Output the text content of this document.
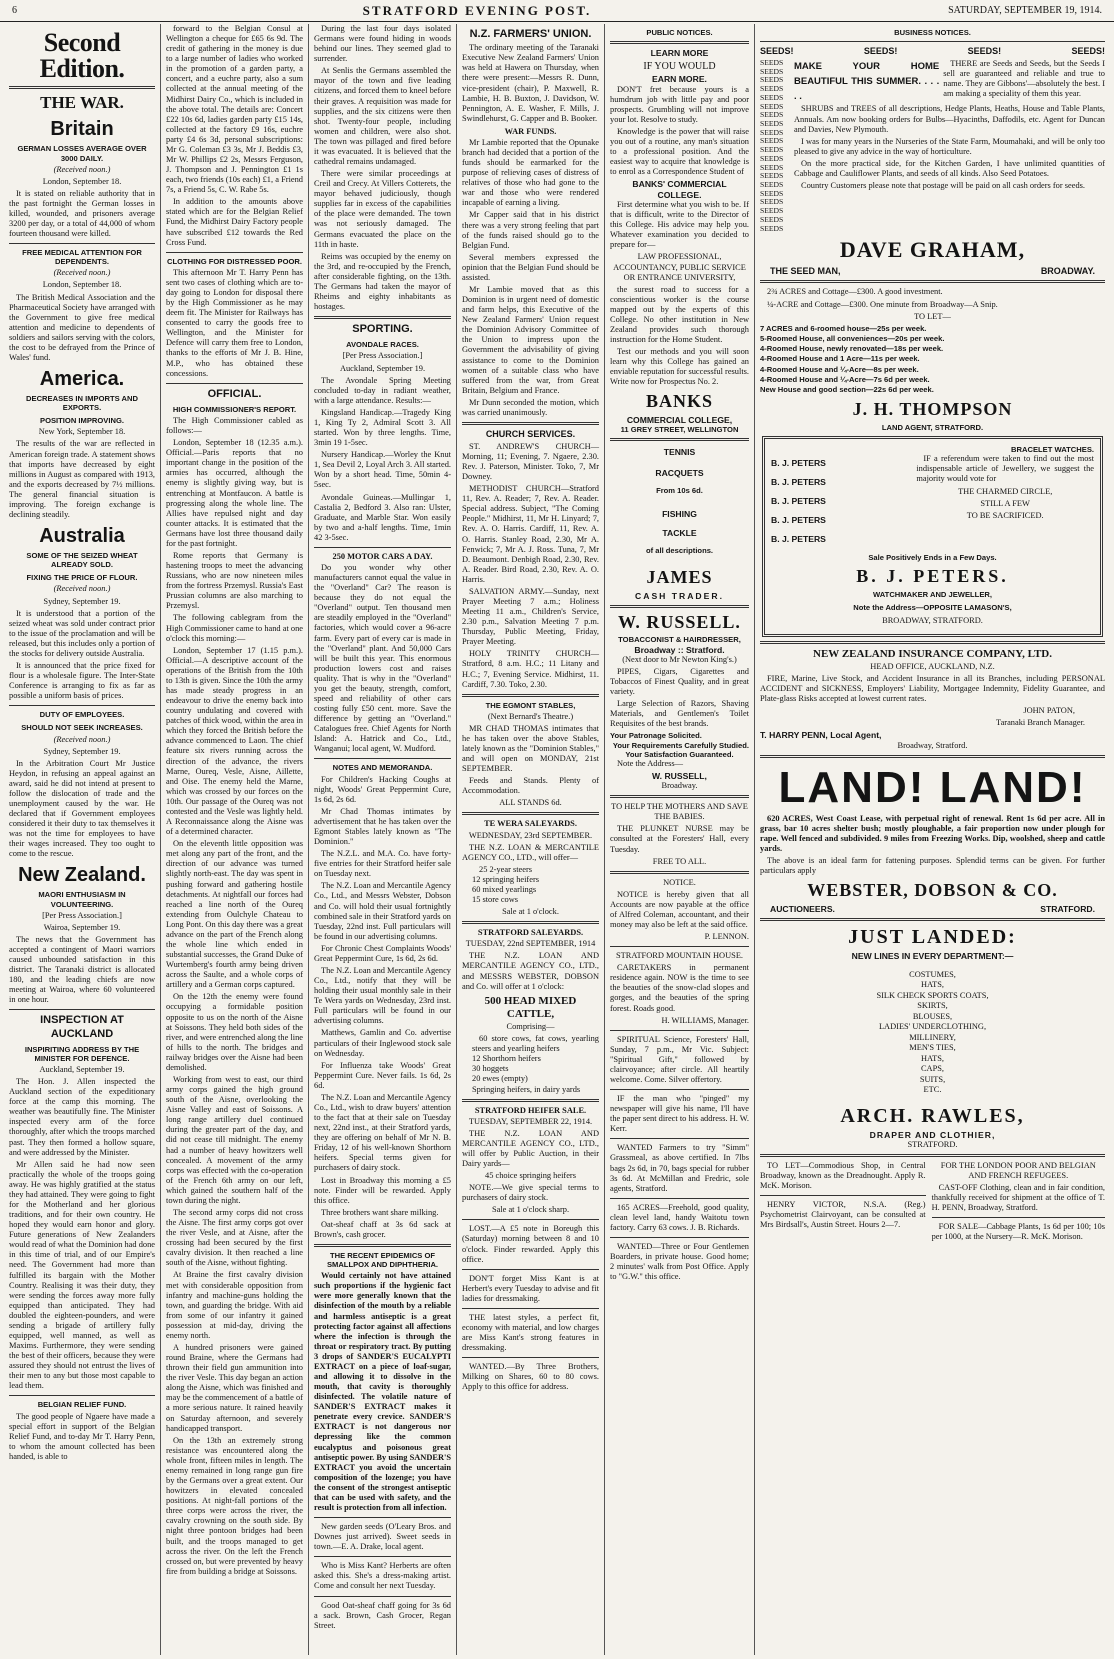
6	STRATFORD EVENING POST.	SATURDAY, SEPTEMBER 19, 1914.
Second Edition.
THE WAR.
Britain
GERMAN LOSSES AVERAGE OVER 3000 DAILY.

(Received noon.)

London, September 18.

It is stated on reliable authority that in the past fortnight the German losses in killed, wounded, and prisoners average 3200 per day, or a total of 44,000 of whom fourteen thousand were killed.

FREE MEDICAL ATTENTION FOR DEPENDENTS.

(Received noon.)

London, September 18.

The British Medical Association and the Pharmaceutical Society have arranged with the Government to give free medical attention and medicine to dependents of soldiers and sailors serving with the colors, the cost to be defrayed from the Prince of Wales' fund.

America.
DECREASES IN IMPORTS AND EXPORTS.
POSITION IMPROVING.

New York, September 18.

The results of the war are reflected in American foreign trade. A statement shows that imports have decreased by eight millions in August as compared with 1913, and the exports decreased by 7½ millions. The general financial situation is improving. The foreign exchange is declining steadily.

Australia
SOME OF THE SEIZED WHEAT ALREADY SOLD.
FIXING THE PRICE OF FLOUR.

(Received noon.)

Sydney, September 19.

It is understood that a portion of the seized wheat was sold under contract prior to the issue of the proclamation and will be released, but this includes only a portion of the stocks for delivery outside Australia.

It is announced that the price fixed for flour is a wholesale figure. The Inter-State Conference is arranging to fix as far as possible a uniform basis of prices.

DUTY OF EMPLOYEES.
SHOULD NOT SEEK INCREASES.

(Received noon.)

Sydney, September 19.

In the Arbitration Court Mr Justice Heydon, in refusing an appeal against an award, said he did not intend at present to follow the dislocation of trade and the unemployment caused by the war. He declared that if Government employees considered it their duty to tax themselves it was not the time for employees to have their wages increased. They too ought to come to the rescue.

New Zealand.
MAORI ENTHUSIASM IN VOLUNTEERING.

[Per Press Association.]

Wairoa, September 19.

The news that the Government has accepted a contingent of Maori warriors caused unbounded satisfaction in this district. The Taranaki district is allocated 180, and the leading chiefs are now meeting at Wairoa, where 60 volunteered in one hour.

INSPECTION AT AUCKLAND
INSPIRITING ADDRESS BY THE MINISTER FOR DEFENCE.

Auckland, September 19.

The Hon. J. Allen inspected the Auckland section of the expeditionary force at the camp this morning. The weather was beautifully fine. The Minister inspected every arm of the force thoroughly, after which the troops marched past. They then formed a hollow square, and were addressed by the Minister.

Mr Allen said he had now seen practically the whole of the troops going away. He was highly gratified at the status they had attained. They were going to fight for the Motherland and her glorious traditions, and for their own country. He hoped they would earn honor and glory. Future generations of New Zealanders would read of what the Dominion had done in this time of trial, and of our Empire's need. The Government had more than fulfilled its bargain with the Mother Country. Realising it was their duty, they were sending the forces away more fully equipped than anticipated. They had doubled the eighteen-pounders, and were sending a brigade of artillery fully equipped, well manned, as well as Maxims. Furthermore, they were sending the best of their officers, because they were assured they should not entrust the lives of their men to any but those most capable to lead them.

BELGIAN RELIEF FUND.

The good people of Ngaere have made a special effort in support of the Belgian Relief Fund, and to-day Mr T. Harry Penn, to whom the amount collected has been handed, is able to

forward to the Belgian Consul at Wellington a cheque for £65 6s 9d. The credit of gathering in the money is due to a large number of ladies who worked in the promotion of a garden party, a concert, and a euchre party, also a sum collected at the annual meeting of the Midhirst Dairy Co., which is included in the above total. The details are: Concert £22 10s 6d, ladies garden party £15 14s, collected at the factory £9 16s, euchre party £4 6s 3d, personal subscriptions: Mr G. Coleman £3 3s, Mr J. Beddis £3, Mr W. Phillips £2 2s, Messrs Ferguson, J. Thompson and J. Pennington £1 1s each, two friends (10s each) £1, a Friend 7s, a Friend 5s, C. W. Rabe 5s.

In addition to the amounts above stated which are for the Belgian Relief Fund, the Midhirst Dairy Factory people have subscribed £12 towards the Red Cross Fund.

CLOTHING FOR DISTRESSED POOR.

This afternoon Mr T. Harry Penn has sent two cases of clothing which are to-day going to London for disposal there by the High Commissioner as he may deem fit. The Minister for Railways has consented to carry the goods free to Wellington, and the Minister for Defence will carry them free to London, thanks to the efforts of Mr J. B. Hine, M.P., who has obtained these concessions.

OFFICIAL.
HIGH COMMISSIONER'S REPORT.

The High Commissioner cabled as follows:—

London, September 18 (12.35 a.m.). Official.—Paris reports that no important change in the position of the armies has occurred, although the enemy is slightly giving way, but is entrenching at Montfaucon. A battle is progressing along the whole line. The Allies have repulsed night and day counter attacks. It is estimated that the Germans have lost three thousand daily for the past fortnight.

Rome reports that Germany is hastening troops to meet the advancing Russians, who are now nineteen miles from the fortress Przemysl. Russia's East Prussian columns are also marching to Przemysl.

The following cablegram from the High Commissioner came to hand at one o'clock this morning:—

London, September 17 (1.15 p.m.). Official.—A descriptive account of the operations of the British from the 10th to 13th is given. Since the 10th the army has made steady progress in an endeavour to drive the enemy back into country undulating and covered with patches of thick wood, within the area in which they forced the British before the advance commenced to Laon. The chief feature six rivers running across the direction of the advance, the rivers Marne, Oureq, Vesle, Aisne, Aillette, and Oise. The enemy held the Marne, which was crossed by our forces on the 10th. Our passage of the Oureq was not contested and the Vesle was lightly held. A Reconnaissance along the Aisne was of a determined character.

On the eleventh little opposition was met along any part of the front, and the direction of our advance was turned slightly north-east. The day was spent in pushing forward and gathering hostile detachments. At nightfall our forces had reached a line north of the Oureq extending from Oulchyle Chateau to Long Pont. On this day there was a great advance on the part of the French along the whole line which ended in substantial successes, the Grand Duke of Wurtemberg's fourth army being driven across the Saulte, and a whole corps of artillery and a German corps captured.

On the 12th the enemy were found occupying a formidable position opposite to us on the north of the Aisne at Soissons. They held both sides of the river, and were entrenched along the line of hills to the north. The bridges and railway bridges over the Aisne had been demolished.

Working from west to east, our third army corps gained the high ground south of the Aisne, overlooking the Aisne Valley and east of Soissons. A long range artillery duel continued during the greater part of the day, and did not cease till midnight. The enemy had a number of heavy howitzers well concealed. A movement of the army corps was effected with the co-operation of the French 6th army on our left, which gained the southern half of the town during the night.

The second army corps did not cross the Aisne. The first army corps got over the river Vesle, and at Aisne, after the crossing had been secured by the first cavalry division. It then reached a line south of the Aisne, without fighting.

At Braine the first cavalry division met with considerable opposition from infantry and machine-guns holding the town, and guarding the bridge. With aid from some of our infantry it gained possession at mid-day, driving the enemy north.

A hundred prisoners were gained round Braine, where the Germans had thrown their field gun ammunition into the river Vesle. This day began an action along the Aisne, which was finished and may be the commencement of a battle of a more serious nature. It rained heavily on Saturday afternoon, and severely handicapped transport.

On the 13th an extremely strong resistance was encountered along the whole front, fifteen miles in length. The enemy remained in long range gun fire by the Germans over a great extent. Our howitzers in elevated concealed positions. At night-fall portions of the three corps were across the river, the cavalry crowning on the south side. By night three pontoon bridges had been built, and the troops managed to get across the river. On the left the French crossed on, but were prevented by heavy fire from building a bridge at Soissons.

During the last four days isolated Germans were found hiding in woods behind our lines. They seemed glad to surrender.

At Senlis the Germans assembled the mayor of the town and five leading citizens, and forced them to kneel before their graves. A requisition was made for supplies, and the six citizens were then shot. Twenty-four people, including women and children, were also shot. The town was pillaged and fired before it was evacuated. It is believed that the cathedral remains undamaged.

There were similar proceedings at Creil and Crecy. At Villers Cotterets, the mayor behaved judiciously, though supplies far in excess of the capabilities of the place were demanded. The town was not seriously damaged. The Germans evacuated the place on the 11th in haste.

Reims was occupied by the enemy on the 3rd, and re-occupied by the French, after considerable fighting, on the 13th. The Germans had taken the mayor of Rheims and eighty inhabitants as hostages.

SPORTING.
AVONDALE RACES.

[Per Press Association.]

Auckland, September 19.

The Avondale Spring Meeting concluded to-day in radiant weather, with a large attendance. Results:—

Kingsland Handicap.—Tragedy King 1, King Ty 2, Admiral Scott 3. All started. Won by three lengths. Time, 3min 19 1-5sec.

Nursery Handicap.—Worley the Knut 1, Sea Devil 2, Loyal Arch 3. All started. Won by a short head. Time, 50min 4-5sec.

Avondale Guineas.—Mullingar 1, Castalia 2, Bedford 3. Also ran: Ulster, Graduate, and Marble Star. Won easily by two and a-half lengths. Time, 1min 42 3-5sec.

250 MOTOR CARS A DAY.

Do you wonder why other manufacturers cannot equal the value in the "Overland" Car? The reason is because they do not equal the "Overland" output. Ten thousand men are steadily employed in the "Overland" factories, which would cover a 96-acre farm. Every part of every car is made in the "Overland" plant. And 50,000 Cars will be built this year. This enormous production lowers cost and raises quality. That is why in the "Overland" you get the beauty, strength, comfort, speed and reliability of other cars costing fully £50 cent. more. Save the difference by getting an "Overland." Catalogues free. Chief Agents for North Island: A. Hatrick and Co., Ltd., Wanganui; local agent, W. Mudford.

NOTES AND MEMORANDA.

For Children's Hacking Coughs at night, Woods' Great Peppermint Cure, 1s 6d, 2s 6d.

Mr Chad Thomas intimates by advertisement that he has taken over the Egmont Stables lately known as "The Dominion."

The N.Z.L. and M.A. Co. have forty-five entries for their Stratford heifer sale on Tuesday next.

The N.Z. Loan and Mercantile Agency Co., Ltd., and Messrs Webster, Dobson and Co. will hold their usual fortnightly combined sale in their Stratford yards on Tuesday, 22nd inst. Full particulars will be found in our advertising columns.

For Chronic Chest Complaints Woods' Great Peppermint Cure, 1s 6d, 2s 6d.

The N.Z. Loan and Mercantile Agency Co., Ltd., notify that they will be holding their usual monthly sale in their Te Wera yards on Wednesday, 23rd inst. Full particulars will be found in our advertising columns.

Matthews, Gamlin and Co. advertise particulars of their Inglewood stock sale on Wednesday.

For Influenza take Woods' Great Peppermint Cure. Never fails. 1s 6d, 2s 6d.

The N.Z. Loan and Mercantile Agency Co., Ltd., wish to draw buyers' attention to the fact that at their sale on Tuesday next, 22nd inst., at their Stratford yards, they are offering on behalf of Mr N. B. Friday, 12 of his well-known Shorthorn heifers. Special terms given for purchasers of dairy stock.

Lost in Broadway this morning a £5 note. Finder will be rewarded. Apply this office.

Three brothers want share milking.

Oat-sheaf chaff at 3s 6d sack at Brown's, cash grocer.

THE RECENT EPIDEMICS OF SMALLPOX AND DIPHTHERIA.

Would certainly not have attained such proportions if the hygienic fact were more generally known that the disinfection of the mouth by a reliable and harmless antiseptic is a great protecting factor against all affections where the infection is through the throat or respiratory tract. By putting 3 drops of SANDER'S EUCALYPTI EXTRACT on a piece of loaf-sugar, and allowing it to dissolve in the mouth, that cavity is thoroughly disinfected. The volatile nature of SANDER'S EXTRACT makes it penetrate every crevice. SANDER'S EXTRACT is not dangerous nor depressing like the common eucalyptus and poisonous great antiseptic power. By using SANDER'S EXTRACT you avoid the uncertain composition of the lozenge; you have the consent of the strongest antiseptic that can be used with safety, and the result is protection from all infection.

New garden seeds (O'Leary Bros. and Downes just arrived). Sweet seeds in town.—E. A. Drake, local agent.

Who is Miss Kant? Herberts are often asked this. She's a dress-making artist. Come and consult her next Tuesday.

Good Oat-sheaf chaff going for 3s 6d a sack. Brown, Cash Grocer, Regan Street.

N.Z. FARMERS' UNION.

The ordinary meeting of the Taranaki Executive New Zealand Farmers' Union was held at Hawera on Thursday, when there were present:—Messrs R. Dunn, vice-president (chair), P. Maxwell, R. Lambie, H. B. Buxton, J. Davidson, W. Pennington, A. E. Washer, F. Mills, J. Swindlehurst, G. Capper and B. Booker.

WAR FUNDS.

Mr Lambie reported that the Opunake branch had decided that a portion of the funds should be earmarked for the purpose of relieving cases of distress of relatives of those who had gone to the war and those who were rendered incapable of earning a living.

Mr Capper said that in his district there was a very strong feeling that part of the funds raised should go to the Belgian Fund.

Several members expressed the opinion that the Belgian Fund should be assisted.

Mr Lambie moved that as this Dominion is in urgent need of domestic and farm helps, this Executive of the New Zealand Farmers' Union request the Dominion Advisory Committee of the Union to impress upon the Government the advisability of giving assistance to come to the Dominion women of a suitable class who have suffered from the war, from Great Britain, Belgium and France.

Mr Dunn seconded the motion, which was carried unanimously.

CHURCH SERVICES.

ST. ANDREW'S CHURCH—Morning, 11; Evening, 7. Ngaere, 2.30. Rev. J. Paterson, Minister. Toko, 7, Mr Downey.

METHODIST CHURCH—Stratford 11, Rev. A. Reader; 7, Rev. A. Reader. Special address. Subject, "The Coming People." Midhirst, 11, Mr H. Linyard; 7, Rev. A. O. Harris. Cardiff, 11, Rev. A. O. Harris. Stanley Road, 2.30, Mr A. Fenwick; 7, Mr A. J. Ross. Tuna, 7, Mr D. Beaumont. Denbigh Road, 2.30, Rev. A. Reader. Bird Road, 2.30, Rev. A. O. Harris.

SALVATION ARMY.—Sunday, next Prayer Meeting 7 a.m.; Holiness Meeting 11 a.m., Children's Service, 2.30 p.m., Salvation Meeting 7 p.m. Thursday, Public Meeting, Friday, Prayer Meeting.

HOLY TRINITY CHURCH—Stratford, 8 a.m. H.C.; 11 Litany and H.C.; 7, Evening Service. Midhirst, 11. Cardiff, 7.30. Toko, 2.30.

THE EGMONT STABLES,

(Next Bernard's Theatre.)

MR CHAD THOMAS intimates that he has taken over the above Stables, lately known as the "Dominion Stables," and will open on MONDAY, 21st SEPTEMBER.

Feeds and Stands. Plenty of Accommodation.

ALL STANDS 6d.

TE WERA SALEYARDS.

WEDNESDAY, 23rd SEPTEMBER.

THE N.Z. LOAN & MERCANTILE AGENCY CO., LTD., will offer—

25 2-year steers
12 springing heifers
60 mixed yearlings
15 store cows

Sale at 1 o'clock.

STRATFORD SALEYARDS.

TUESDAY, 22nd SEPTEMBER, 1914

THE N.Z. LOAN AND MERCANTILE AGENCY CO., LTD., and MESSRS WEBSTER, DOBSON and Co. will offer at 1 o'clock:

500 HEAD MIXED CATTLE,

Comprising—

60 store cows, fat cows, yearling steers and yearling heifers
12 Shorthorn heifers
30 hoggets
20 ewes (empty)
Springing heifers, in dairy yards

STRATFORD HEIFER SALE.

TUESDAY, SEPTEMBER 22, 1914.

THE N.Z. LOAN AND MERCANTILE AGENCY CO., LTD., will offer by Public Auction, in their Dairy yards—

45 choice springing heifers

NOTE.—We give special terms to purchasers of dairy stock.

Sale at 1 o'clock sharp.

LOST.—A £5 note in Boreugh this (Saturday) morning between 8 and 10 o'clock. Finder rewarded. Apply this office.

DON'T forget Miss Kant is at Herbert's every Tuesday to advise and fit ladies for dressmaking.

THE latest styles, a perfect fit, economy with material, and low charges are Miss Kant's strong features in dressmaking.

WANTED.—By Three Brothers, Milking on Shares, 60 to 80 cows. Apply to this office for address.

PUBLIC NOTICES.
LEARN MORE
IF YOU WOULD
EARN MORE.

DON'T fret because yours is a humdrum job with little pay and poor prospects. Grumbling will not improve your lot. Resolve to study.

Knowledge is the power that will raise you out of a routine, any man's situation to a professional position. And the easiest way to acquire that knowledge is to enrol as a Correspondence Student of

BANKS' COMMERCIAL COLLEGE.

First determine what you wish to be. If that is difficult, write to the Director of this College. His advice may help you. Whatever examination you decided to prepare for—

LAW PROFESSIONAL, ACCOUNTANCY, PUBLIC SERVICE OR ENTRANCE UNIVERSITY,

the surest road to success for a conscientious worker is the course mapped out by the experts of this College. No other institution in New Zealand provides such thorough instruction for the Home Student.

Test our methods and you will soon learn why this College has gained an enviable reputation for successful results. Write now for Prospectus No. 2.

BANKS
COMMERCIAL COLLEGE,
11 GREY STREET, WELLINGTON
TENNIS
RACQUETS
From 10s 6d.
FISHING
TACKLE
of all descriptions.
JAMES
CASH TRADER.
W. RUSSELL.
TOBACCONIST & HAIRDRESSER,
Broadway :: Stratford.

(Next door to Mr Newton King's.)

PIPES, Cigars, Cigarettes and Tobaccos of Finest Quality, and in great variety.

Large Selection of Razors, Shaving Materials, and Gentlemen's Toilet Requisites of the best brands.

Your Patronage Solicited.
Your Requirements Carefully Studied.
Your Satisfaction Guaranteed.

Note the Address—

W. RUSSELL,

Broadway.

TO HELP THE MOTHERS AND SAVE THE BABIES.

THE PLUNKET NURSE may be consulted at the Foresters' Hall, every Tuesday.

FREE TO ALL.

NOTICE.

NOTICE is hereby given that all Accounts are now payable at the office of Alfred Coleman, accountant, and their money may also be left at the said office.

P. LENNON.

STRATFORD MOUNTAIN HOUSE.

CARETAKERS in permanent residence again. NOW is the time to see the beauties of the snow-clad slopes and gorges, and the beauties of the spring forest. Roads good.

H. WILLIAMS, Manager.

SPIRITUAL Science, Foresters' Hall, Sunday, 7 p.m., Mr Vic. Subject: "Spiritual Gift," followed by clairvoyance; after circle. All heartily welcome. Come. Silver offertory.

IF the man who "pinged" my newspaper will give his name, I'll have the paper sent direct to his address. H. W. Kerr.

WANTED Farmers to try "Simm" Grassmeal, as above certified. In 7lbs bags 2s 6d, in 70, bags special for rubber 3s 6d. At McMillan and Fredric, sole agents, Stratford.

165 ACRES—Freehold, good quality, clean level land, handy Waitotu town factory. Carry 63 cows. J. B. Richards.

WANTED—Three or Four Gentlemen Boarders, in private house. Good home; 2 minutes' walk from Post Office. Apply to "G.W." this office.

BUSINESS NOTICES.
SEEDS!	SEEDS!	SEEDS!	SEEDS!
SEEDS
SEEDS
SEEDS
SEEDS
SEEDS
SEEDS
SEEDS
SEEDS
SEEDS
SEEDS
SEEDS
SEEDS
SEEDS
SEEDS
SEEDS
SEEDS
SEEDS
SEEDS
SEEDS
SEEDS
MAKE YOUR HOME BEAUTIFUL THIS SUMMER. . . . . .

THERE are Seeds and Seeds, but the Seeds I sell are guaranteed and reliable and true to name. They are Gibbons'—absolutely the best. I am making a speciality of them this year.

SHRUBS and TREES of all descriptions, Hedge Plants, Heaths, House and Table Plants, Annuals. Am now booking orders for Bulbs—Hyacinths, Daffodils, etc. Agent for Duncan and Davies, New Plymouth.

I was for many years in the Nurseries of the State Farm, Moumahaki, and will be only too pleased to give any advice in the way of horticulture.

On the more practical side, for the Kitchen Garden, I have unlimited quantities of Cabbage and Cauliflower Plants, and seeds of all kinds. Also Seed Potatoes.

Country Customers please note that postage will be paid on all cash orders for seeds.

DAVE GRAHAM,
THE SEED MAN,	BROADWAY.

2¾ ACRES and Cottage—£300. A good investment.

¼-ACRE and Cottage—£300. One minute from Broadway—A Snip.

TO LET—

7 ACRES and 6-roomed house—25s per week.
5-Roomed House, all conveniences—20s per week.
4-Roomed House, newly renovated—18s per week.
4-Roomed House and 1 Acre—11s per week.
4-Roomed House and ¼-Acre—8s per week.
4-Roomed House and ¼-Acre—7s 6d per week.
New House and good section—22s 6d per week.
J. H. THOMPSON
LAND AGENT, STRATFORD.
BRACELET WATCHES.
B. J. PETERS
B. J. PETERS
B. J. PETERS
B. J. PETERS
B. J. PETERS

IF a referendum were taken to find out the most indispensable article of Jewellery, we suggest the majority would vote for

THE CHARMED CIRCLE,

STILL A FEW

TO BE SACRIFICED.

Sale Positively Ends in a Few Days.
B. J. PETERS.
WATCHMAKER AND JEWELLER,
Note the Address—OPPOSITE LAMASON'S,

BROADWAY, STRATFORD.

NEW ZEALAND INSURANCE COMPANY, LTD.

HEAD OFFICE, AUCKLAND, N.Z.

FIRE, Marine, Live Stock, and Accident Insurance in all its Branches, including PERSONAL ACCIDENT and SICKNESS, Employers' Liability, Mortgagee Indemnity, Fidelity Guarantee, and Plate-glass Risks accepted at lowest current rates.

JOHN PATON,

Taranaki Branch Manager.

T. HARRY PENN, Local Agent,

Broadway, Stratford.

LAND! LAND!

620 ACRES, West Coast Lease, with perpetual right of renewal. Rent 1s 6d per acre. All in grass, bar 10 acres shelter bush; mostly ploughable, a fair proportion now under plough for rape. Well fenced and subdivided. 9 miles from Freezing Works. Dip, woolshed, sheep and cattle yards.

The above is an ideal farm for fattening purposes. Splendid terms can be given. For further particulars apply

WEBSTER, DOBSON & CO.
AUCTIONEERS.	STRATFORD.
JUST LANDED:
NEW LINES IN EVERY DEPARTMENT:—

COSTUMES,
HATS,
SILK CHECK SPORTS COATS,
SKIRTS,
BLOUSES,
LADIES' UNDERCLOTHING,
MILLINERY,
MEN'S TIES,
HATS,
CAPS,
SUITS,
ETC.

ARCH. RAWLES,
DRAPER AND CLOTHIER,

STRATFORD.

TO LET—Commodious Shop, in Central Broadway, known as the Dreadnought. Apply R. McK. Morison.

HENRY VICTOR, N.S.A. (Reg.) Psychometrist Clairvoyant, can be consulted at Mrs Birdsall's, Austin Street. Hours 2—7.

FOR THE LONDON POOR AND BELGIAN AND FRENCH REFUGEES.

CAST-OFF Clothing, clean and in fair condition, thankfully received for shipment at the office of T. H. PENN, Broadway, Stratford.

FOR SALE—Cabbage Plants, 1s 6d per 100; 10s per 1000, at the Nursery—R. McK. Morison.
